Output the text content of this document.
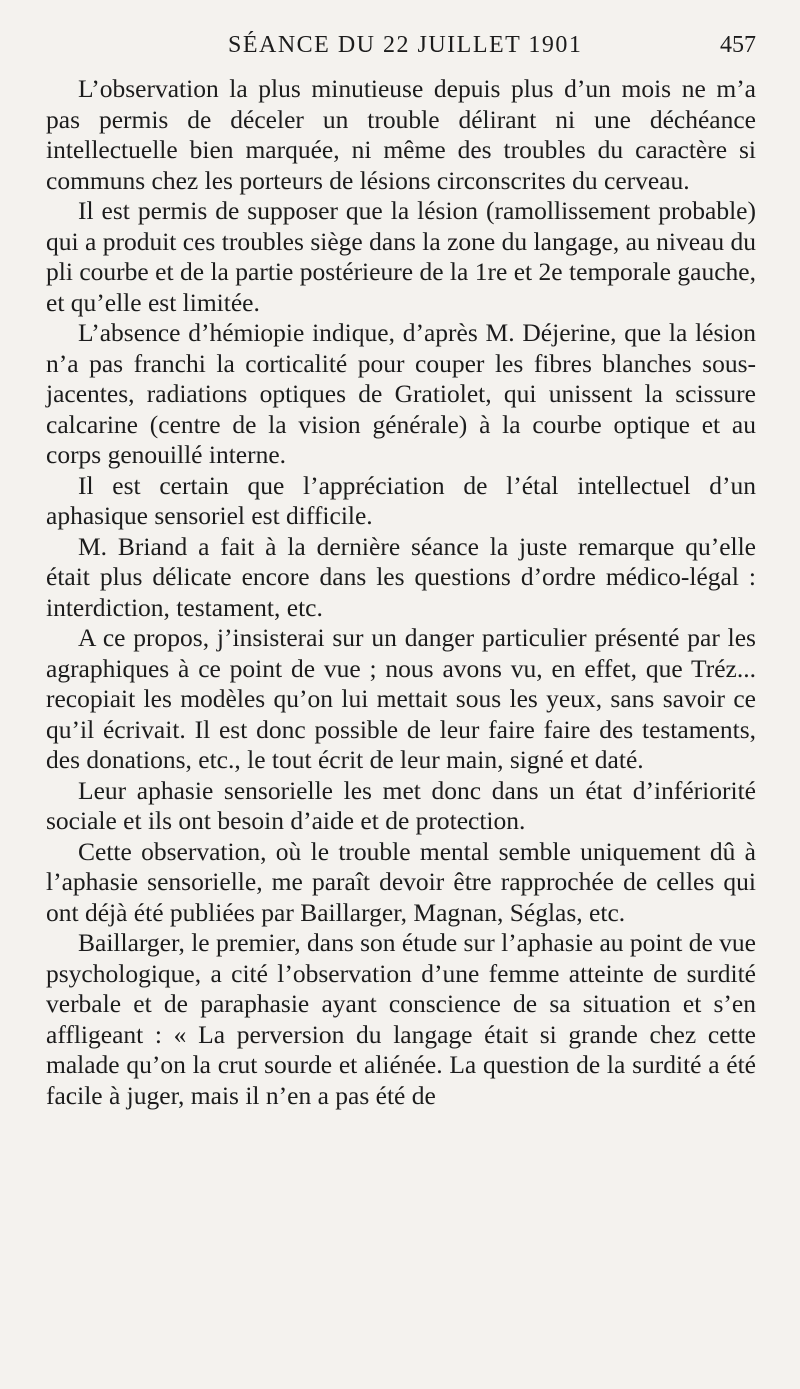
SÉANCE DU 22 JUILLET 1901	457

L’observation la plus minutieuse depuis plus d’un mois ne m’a pas permis de déceler un trouble délirant ni une déchéance intellectuelle bien marquée, ni même des troubles du caractère si communs chez les porteurs de lésions circonscrites du cerveau.

Il est permis de supposer que la lésion (ramollissement probable) qui a produit ces troubles siège dans la zone du langage, au niveau du pli courbe et de la partie postérieure de la 1re et 2e temporale gauche, et qu’elle est limitée.

L’absence d’hémiopie indique, d’après M. Déjerine, que la lésion n’a pas franchi la corticalité pour couper les fibres blanches sous-jacentes, radiations optiques de Gratiolet, qui unissent la scissure calcarine (centre de la vision générale) à la courbe optique et au corps genouillé interne.

Il est certain que l’appréciation de l’étal intellectuel d’un aphasique sensoriel est difficile.

M. Briand a fait à la dernière séance la juste remarque qu’elle était plus délicate encore dans les questions d’ordre médico-légal : interdiction, testament, etc.

A ce propos, j’insisterai sur un danger particulier présenté par les agraphiques à ce point de vue ; nous avons vu, en effet, que Tréz... recopiait les modèles qu’on lui mettait sous les yeux, sans savoir ce qu’il écrivait. Il est donc possible de leur faire faire des testaments, des donations, etc., le tout écrit de leur main, signé et daté.

Leur aphasie sensorielle les met donc dans un état d’infériorité sociale et ils ont besoin d’aide et de protection.

Cette observation, où le trouble mental semble uniquement dû à l’aphasie sensorielle, me paraît devoir être rapprochée de celles qui ont déjà été publiées par Baillarger, Magnan, Séglas, etc.

Baillarger, le premier, dans son étude sur l’aphasie au point de vue psychologique, a cité l’observation d’une femme atteinte de surdité verbale et de paraphasie ayant conscience de sa situation et s’en affligeant : « La perversion du langage était si grande chez cette malade qu’on la crut sourde et aliénée. La question de la surdité a été facile à juger, mais il n’en a pas été de
